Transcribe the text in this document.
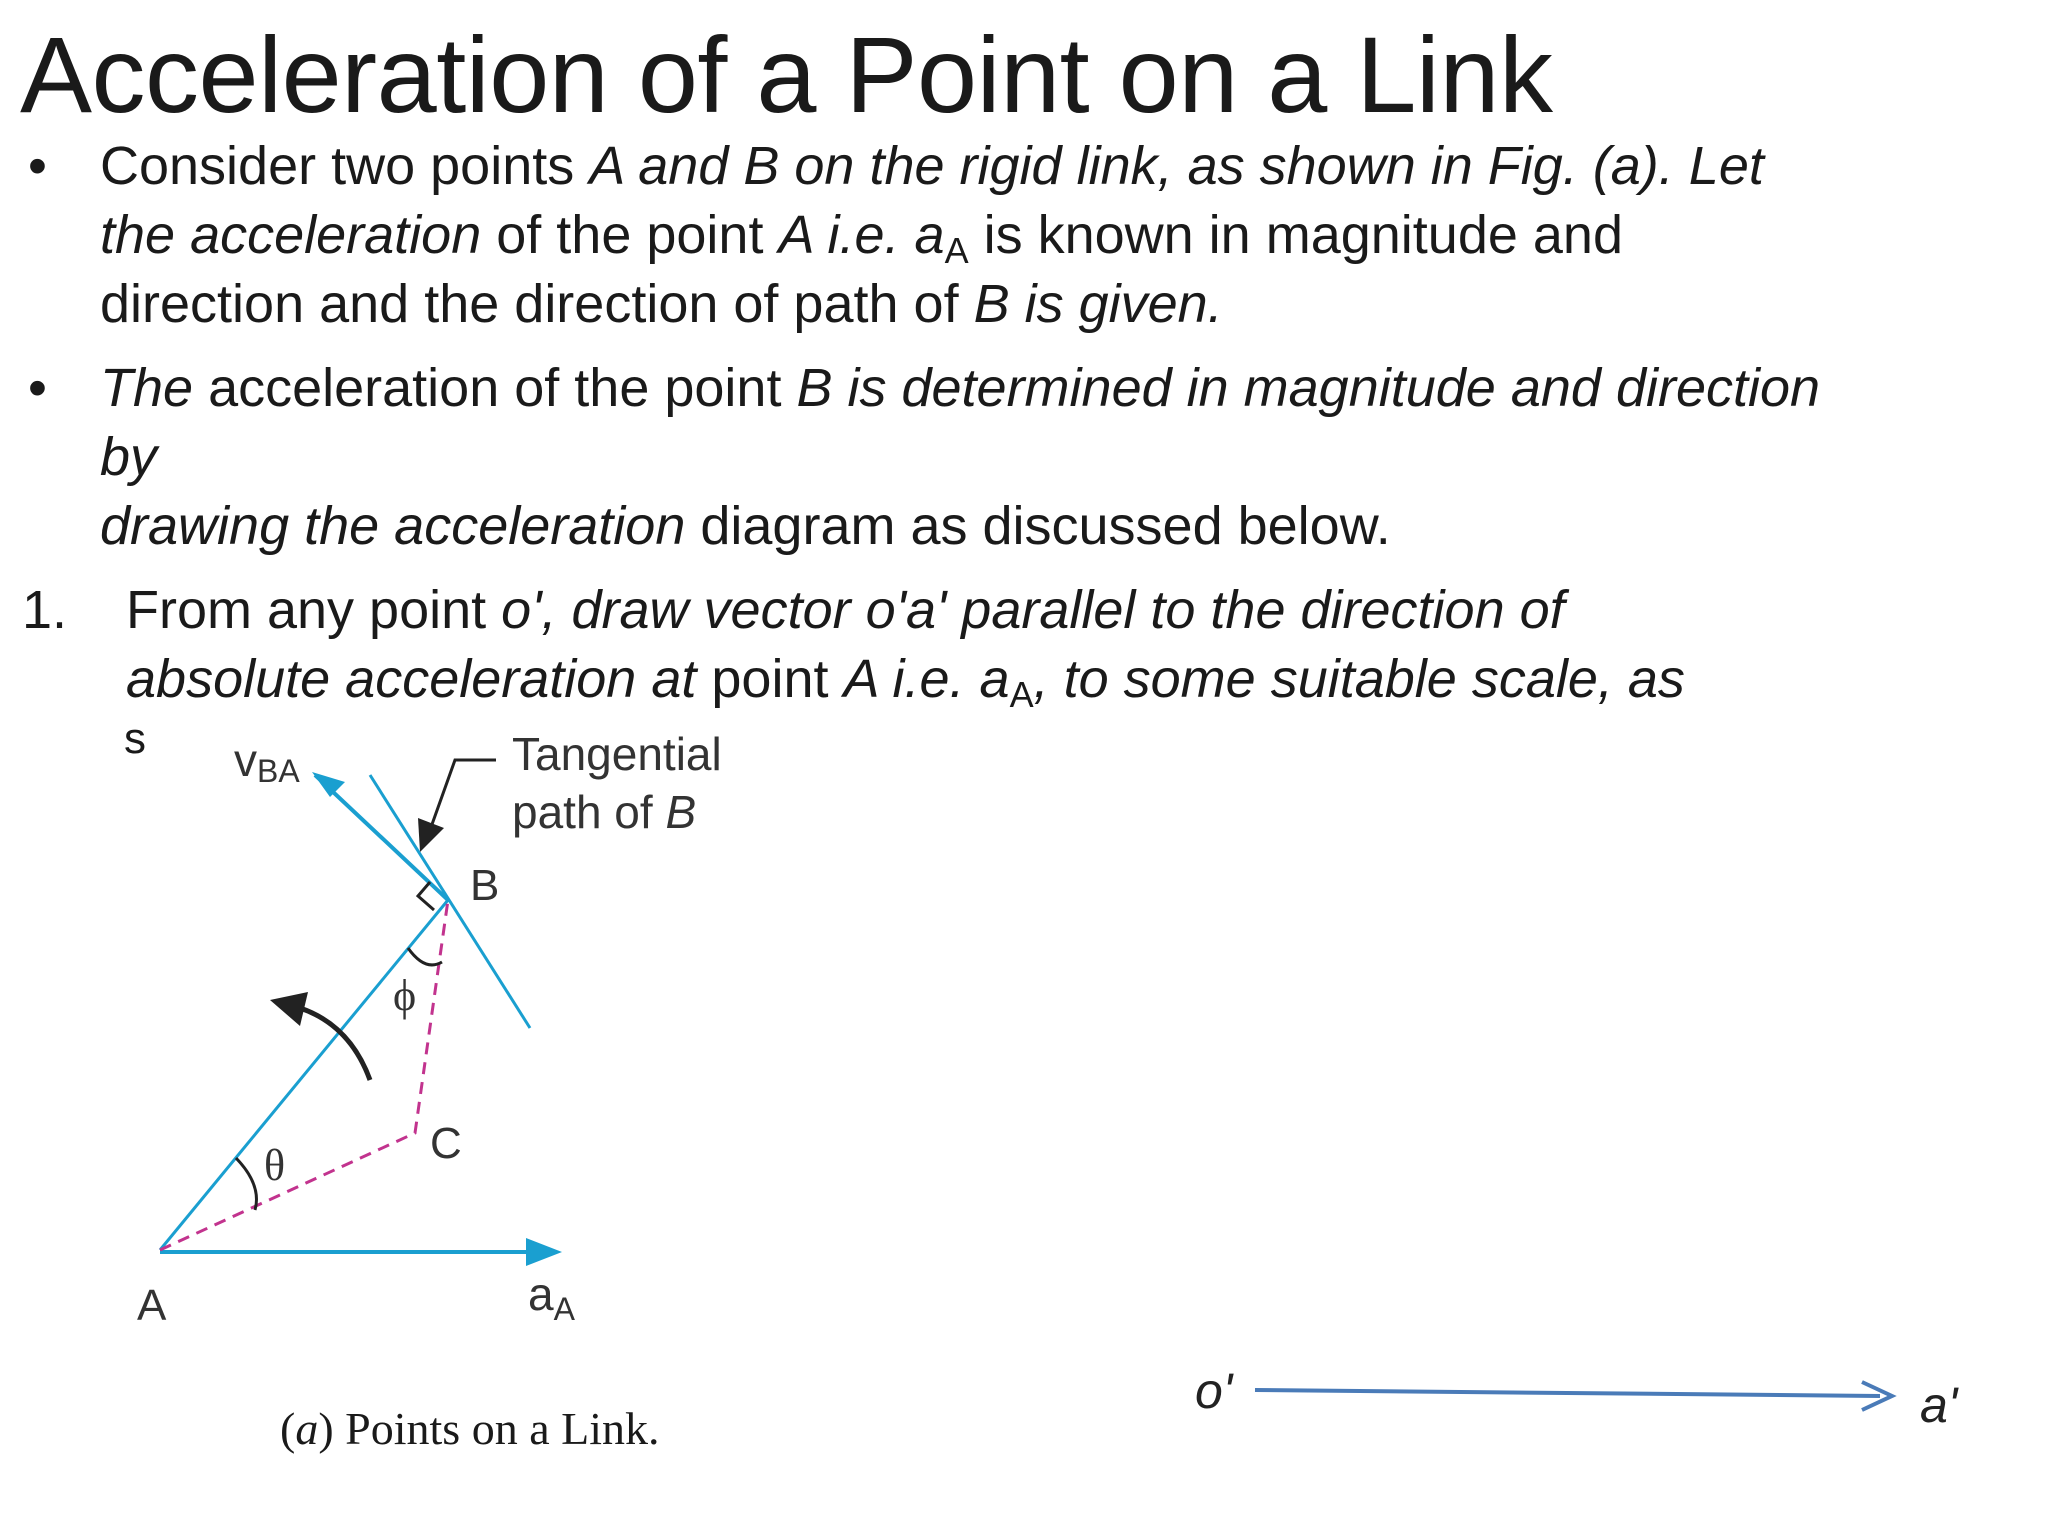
Acceleration of a Point on a Link
• Consider two points A and B on the rigid link, as shown in Fig. (a). Let
the acceleration of the point A i.e. $a_A$ is known in magnitude and
direction and the direction of path of B is given.
• The acceleration of the point B is determined in magnitude and direction
by
drawing the acceleration diagram as discussed below.
1. From any point o', draw vector o'a' parallel to the direction of
absolute acceleration at point A i.e. $a_A$, to some suitable scale, as
s vBA	Tangential
path of B
B
C
A
ϕ
θ
$a_A$
o'	a'
(a) Points on a Link.
